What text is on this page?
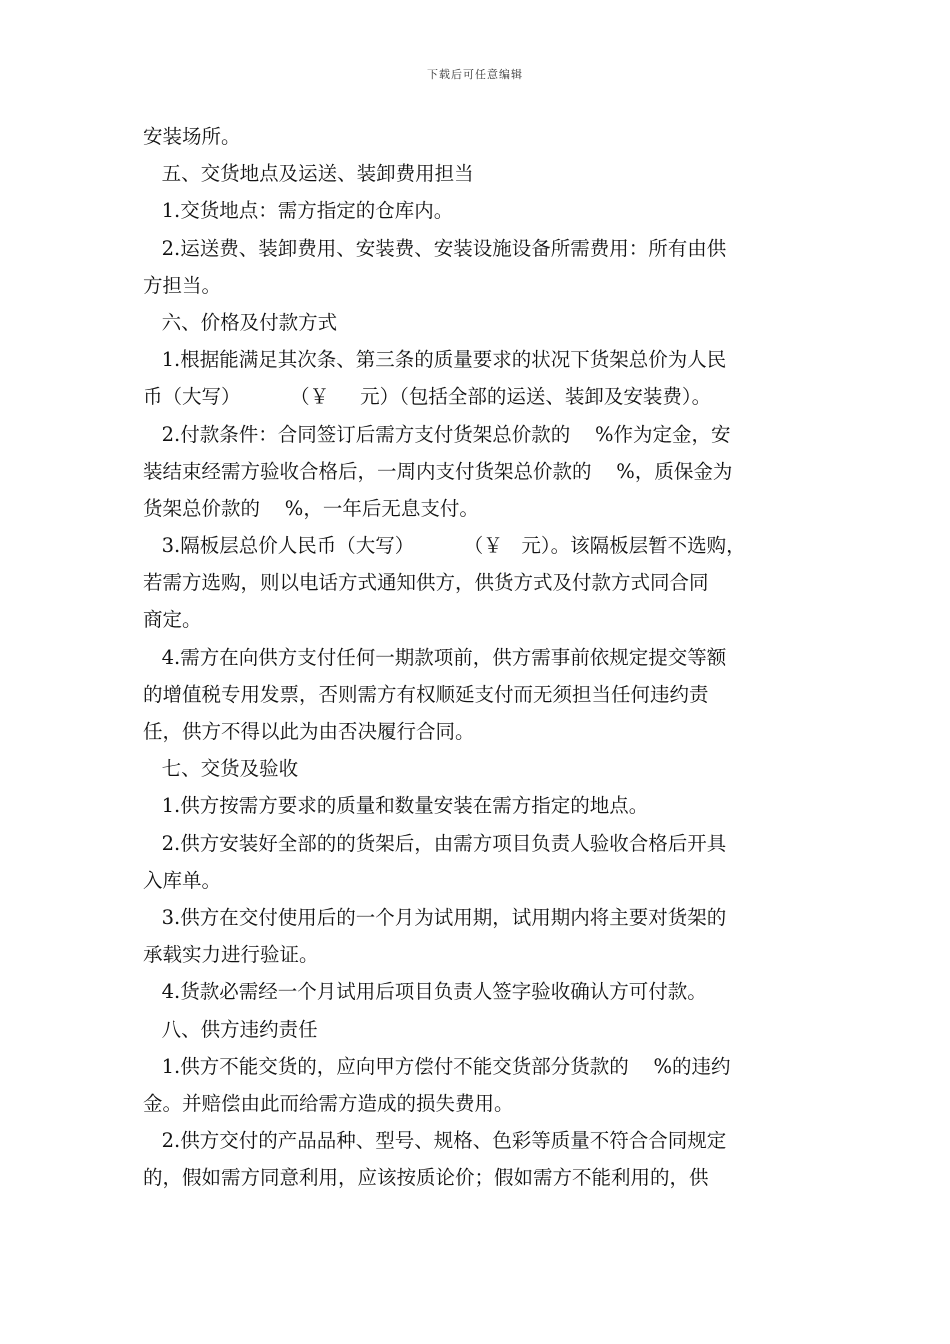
下载后可任意编辑
安装场所。
五、交货地点及运送、装卸费用担当
1.交货地点：需方指定的仓库内。
2.运送费、装卸费用、安装费、安装设施设备所需费用：所有由供
方担当。
六、价格及付款方式
1.根据能满足其次条、第三条的质量要求的状况下货架总价为人民
币（大写）        （￥     元）（包括全部的运送、装卸及安装费）。
2.付款条件：合同签订后需方支付货架总价款的    %作为定金，安
装结束经需方验收合格后，一周内支付货架总价款的    %，质保金为
货架总价款的    %，一年后无息支付。
3.隔板层总价人民币（大写）        （￥   元）。该隔板层暂不选购，
若需方选购，则以电话方式通知供方，供货方式及付款方式同合同
商定。
4.需方在向供方支付任何一期款项前，供方需事前依规定提交等额
的增值税专用发票，否则需方有权顺延支付而无须担当任何违约责
任，供方不得以此为由否决履行合同。
七、交货及验收
1.供方按需方要求的质量和数量安装在需方指定的地点。
2.供方安装好全部的的货架后，由需方项目负责人验收合格后开具
入库单。
3.供方在交付使用后的一个月为试用期，试用期内将主要对货架的
承载实力进行验证。
4.货款必需经一个月试用后项目负责人签字验收确认方可付款。
八、供方违约责任
1.供方不能交货的，应向甲方偿付不能交货部分货款的    %的违约
金。并赔偿由此而给需方造成的损失费用。
2.供方交付的产品品种、型号、规格、色彩等质量不符合合同规定
的，假如需方同意利用，应该按质论价；假如需方不能利用的，供
